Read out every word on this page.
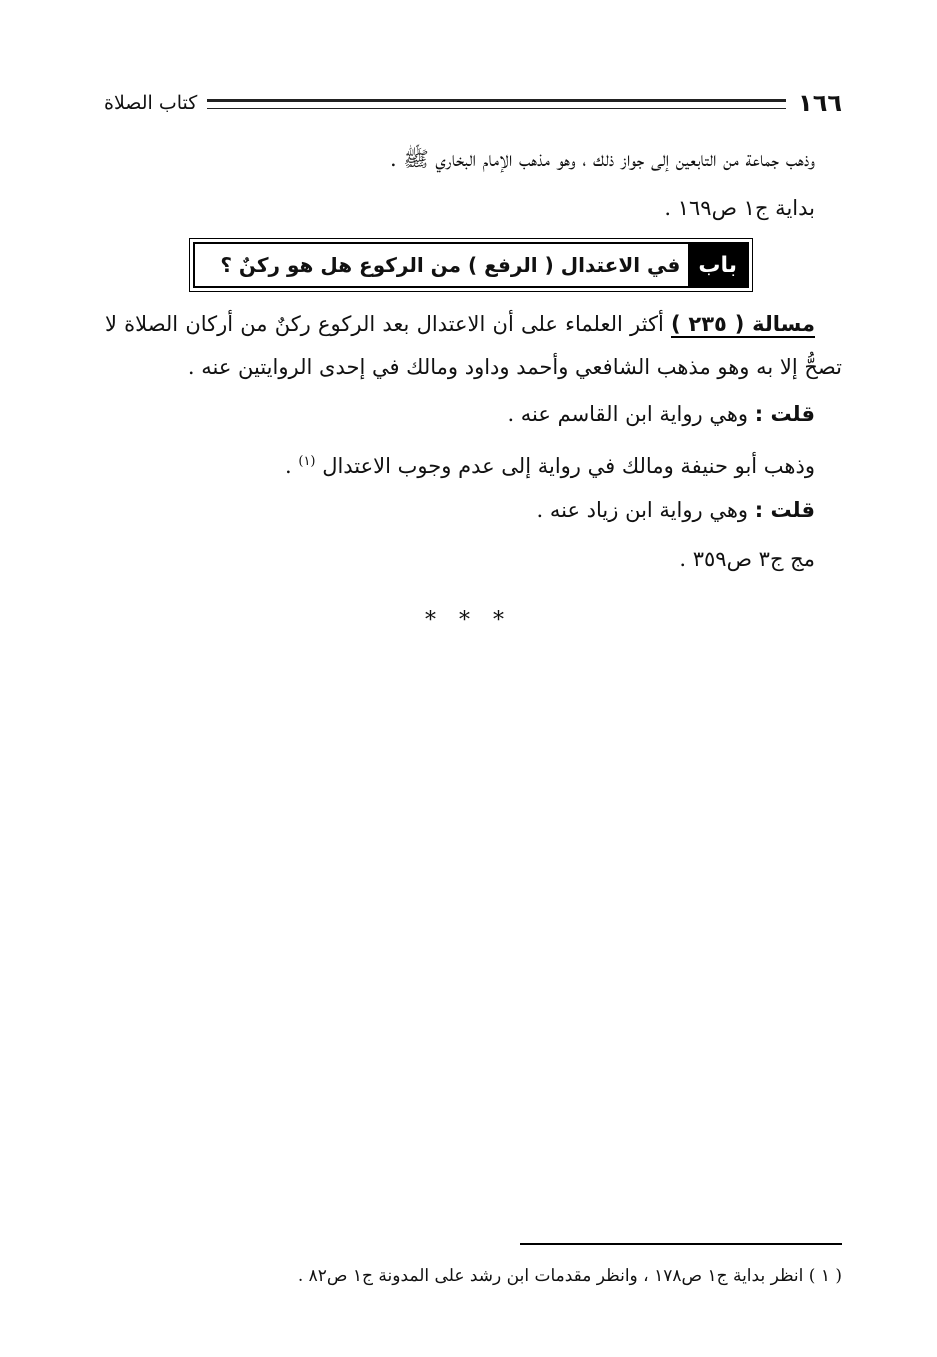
١٦٦
كتاب الصلاة
وذهب جماعة من التابعين إلى جواز ذلك ، وهو مذهب الإمام البخاري ﷺ .
بداية ج١ ص١٦٩ .
باب
في الاعتدال ( الرفع ) من الركوع هل هو ركنٌ ؟
مسالة ( ٢٣٥ ) أكثر العلماء على أن الاعتدال بعد الركوع ركنٌ من أركان الصلاة لا
تصحُّ إلا به وهو مذهب الشافعي وأحمد وداود ومالك في إحدى الروايتين عنه .
قلت : وهي رواية ابن القاسم عنه .
وذهب أبو حنيفة ومالك في رواية إلى عدم وجوب الاعتدال $^{(١)}$ .
قلت : وهي رواية ابن زياد عنه .
مج ج٣ ص٣٥٩ .
* * *
( ١ ) انظر بداية ج١ ص١٧٨ ، وانظر مقدمات ابن رشد على المدونة ج١ ص٨٢ .
